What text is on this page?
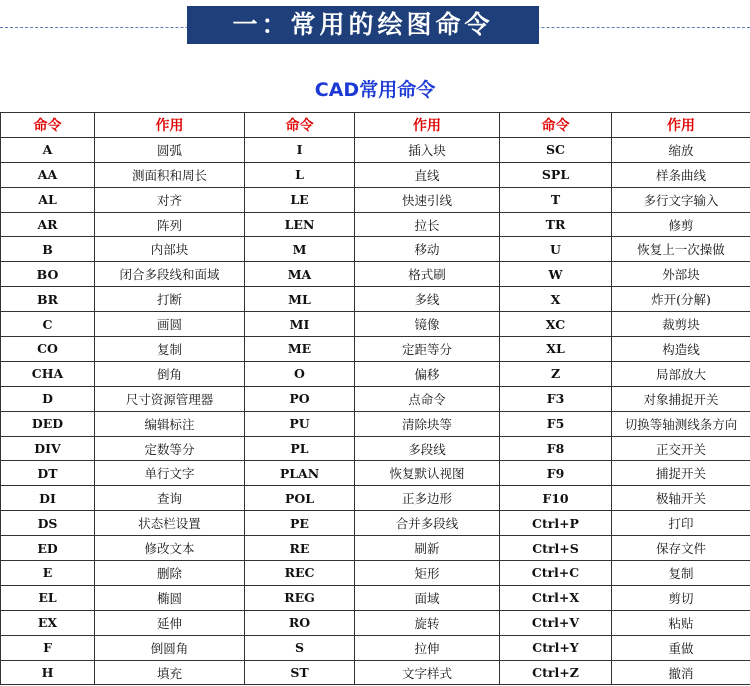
一：常用的绘图命令
CAD常用命令
命令	作用	命令	作用	命令	作用
A	圆弧	I	插入块	SC	缩放
AA	测面积和周长	L	直线	SPL	样条曲线
AL	对齐	LE	快速引线	T	多行文字输入
AR	阵列	LEN	拉长	TR	修剪
B	内部块	M	移动	U	恢复上一次操做
BO	闭合多段线和面域	MA	格式刷	W	外部块
BR	打断	ML	多线	X	炸开(分解)
C	画圆	MI	镜像	XC	裁剪块
CO	复制	ME	定距等分	XL	构造线
CHA	倒角	O	偏移	Z	局部放大
D	尺寸资源管理器	PO	点命令	F3	对象捕捉开关
DED	编辑标注	PU	清除块等	F5	切换等轴测线条方向
DIV	定数等分	PL	多段线	F8	正交开关
DT	单行文字	PLAN	恢复默认视图	F9	捕捉开关
DI	查询	POL	正多边形	F10	极轴开关
DS	状态栏设置	PE	合并多段线	Ctrl+P	打印
ED	修改文本	RE	刷新	Ctrl+S	保存文件
E	删除	REC	矩形	Ctrl+C	复制
EL	椭圆	REG	面域	Ctrl+X	剪切
EX	延伸	RO	旋转	Ctrl+V	粘贴
F	倒圆角	S	拉伸	Ctrl+Y	重做
H	填充	ST	文字样式	Ctrl+Z	撤消
